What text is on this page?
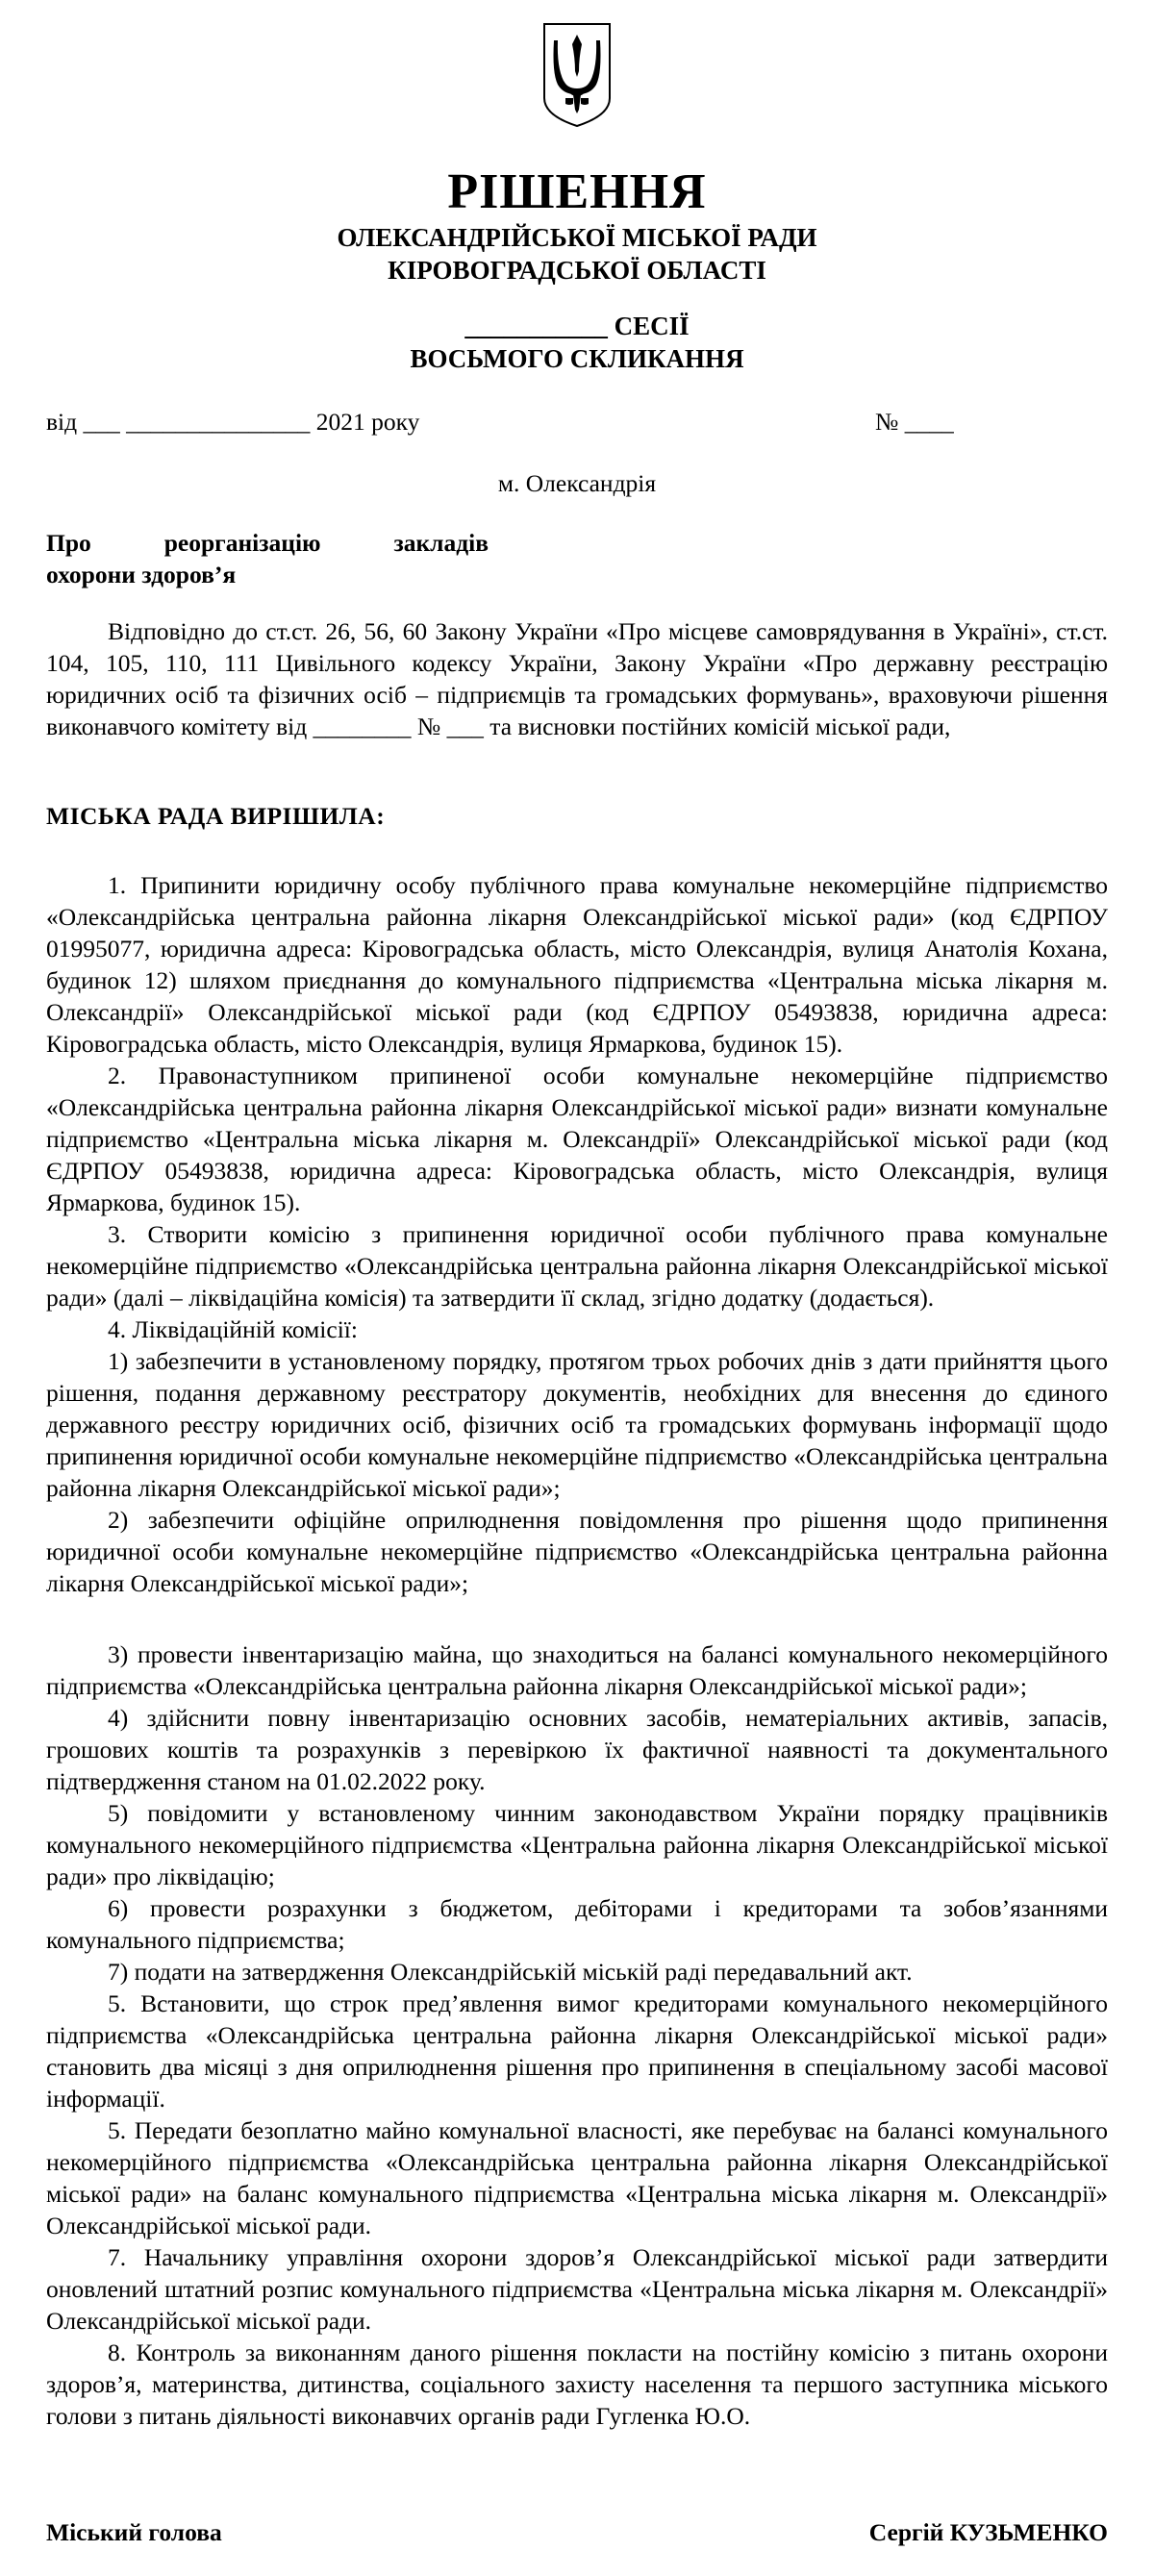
РІШЕННЯ
ОЛЕКСАНДРІЙСЬКОЇ МІСЬКОЇ РАДИ
КІРОВОГРАДСЬКОЇ ОБЛАСТІ
___________ СЕСІЇ
ВОСЬМОГО СКЛИКАННЯ
від ___ _______________ 2021 року	№ ____
м. Олександрія
Про	реорганізацію	закладів
охорони здоров’я

Відповідно до ст.ст. 26, 56, 60 Закону України «Про місцеве самоврядування в Україні», ст.ст. 104, 105, 110, 111 Цивільного кодексу України, Закону України «Про державну реєстрацію юридичних осіб та фізичних осіб – підприємців та громадських формувань», враховуючи рішення виконавчого комітету від ________ № ___ та висновки постійних комісій міської ради,

МІСЬКА РАДА ВИРІШИЛА:

1. Припинити юридичну особу публічного права комунальне некомерційне підприємство «Олександрійська центральна районна лікарня Олександрійської міської ради» (код ЄДРПОУ 01995077, юридична адреса: Кіровоградська область, місто Олександрія, вулиця Анатолія Кохана, будинок 12) шляхом приєднання до комунального підприємства «Центральна міська лікарня м. Олександрії» Олександрійської міської ради (код ЄДРПОУ 05493838, юридична адреса: Кіровоградська область, місто Олександрія, вулиця Ярмаркова, будинок 15).

2. Правонаступником припиненої особи комунальне некомерційне підприємство «Олександрійська центральна районна лікарня Олександрійської міської ради» визнати комунальне підприємство «Центральна міська лікарня м. Олександрії» Олександрійської міської ради (код ЄДРПОУ 05493838, юридична адреса: Кіровоградська область, місто Олександрія, вулиця Ярмаркова, будинок 15).

3. Створити комісію з припинення юридичної особи публічного права комунальне некомерційне підприємство «Олександрійська центральна районна лікарня Олександрійської міської ради» (далі – ліквідаційна комісія) та затвердити її склад, згідно додатку (додається).

4. Ліквідаційній комісії:

1) забезпечити в установленому порядку, протягом трьох робочих днів з дати прийняття цього рішення, подання державному реєстратору документів, необхідних для внесення до єдиного державного реєстру юридичних осіб, фізичних осіб та громадських формувань інформації щодо припинення юридичної особи комунальне некомерційне підприємство «Олександрійська центральна районна лікарня Олександрійської міської ради»;

2) забезпечити офіційне оприлюднення повідомлення про рішення щодо припинення юридичної особи комунальне некомерційне підприємство «Олександрійська центральна районна лікарня Олександрійської міської ради»;

3) провести інвентаризацію майна, що знаходиться на балансі комунального некомерційного підприємства «Олександрійська центральна районна лікарня Олександрійської міської ради»;

4) здійснити повну інвентаризацію основних засобів, нематеріальних активів, запасів, грошових коштів та розрахунків з перевіркою їх фактичної наявності та документального підтвердження станом на 01.02.2022 року.

5) повідомити у встановленому чинним законодавством України порядку працівників комунального некомерційного підприємства «Центральна районна лікарня Олександрійської міської ради» про ліквідацію;

6) провести розрахунки з бюджетом, дебіторами і кредиторами та зобов’язаннями комунального підприємства;

7) подати на затвердження Олександрійській міській раді передавальний акт.

5. Встановити, що строк пред’явлення вимог кредиторами комунального некомерційного підприємства «Олександрійська центральна районна лікарня Олександрійської міської ради» становить два місяці з дня оприлюднення рішення про припинення в спеціальному засобі масової інформації.

5. Передати безоплатно майно комунальної власності, яке перебуває на балансі комунального некомерційного підприємства «Олександрійська центральна районна лікарня Олександрійської міської ради» на баланс комунального підприємства «Центральна міська лікарня м. Олександрії» Олександрійської міської ради.

7. Начальнику управління охорони здоров’я Олександрійської міської ради затвердити оновлений штатний розпис комунального підприємства «Центральна міська лікарня м. Олександрії» Олександрійської міської ради.

8. Контроль за виконанням даного рішення покласти на постійну комісію з питань охорони здоров’я, материнства, дитинства, соціального захисту населення та першого заступника міського голови з питань діяльності виконавчих органів ради Гугленка Ю.О.

Міський голова	Сергій КУЗЬМЕНКО
